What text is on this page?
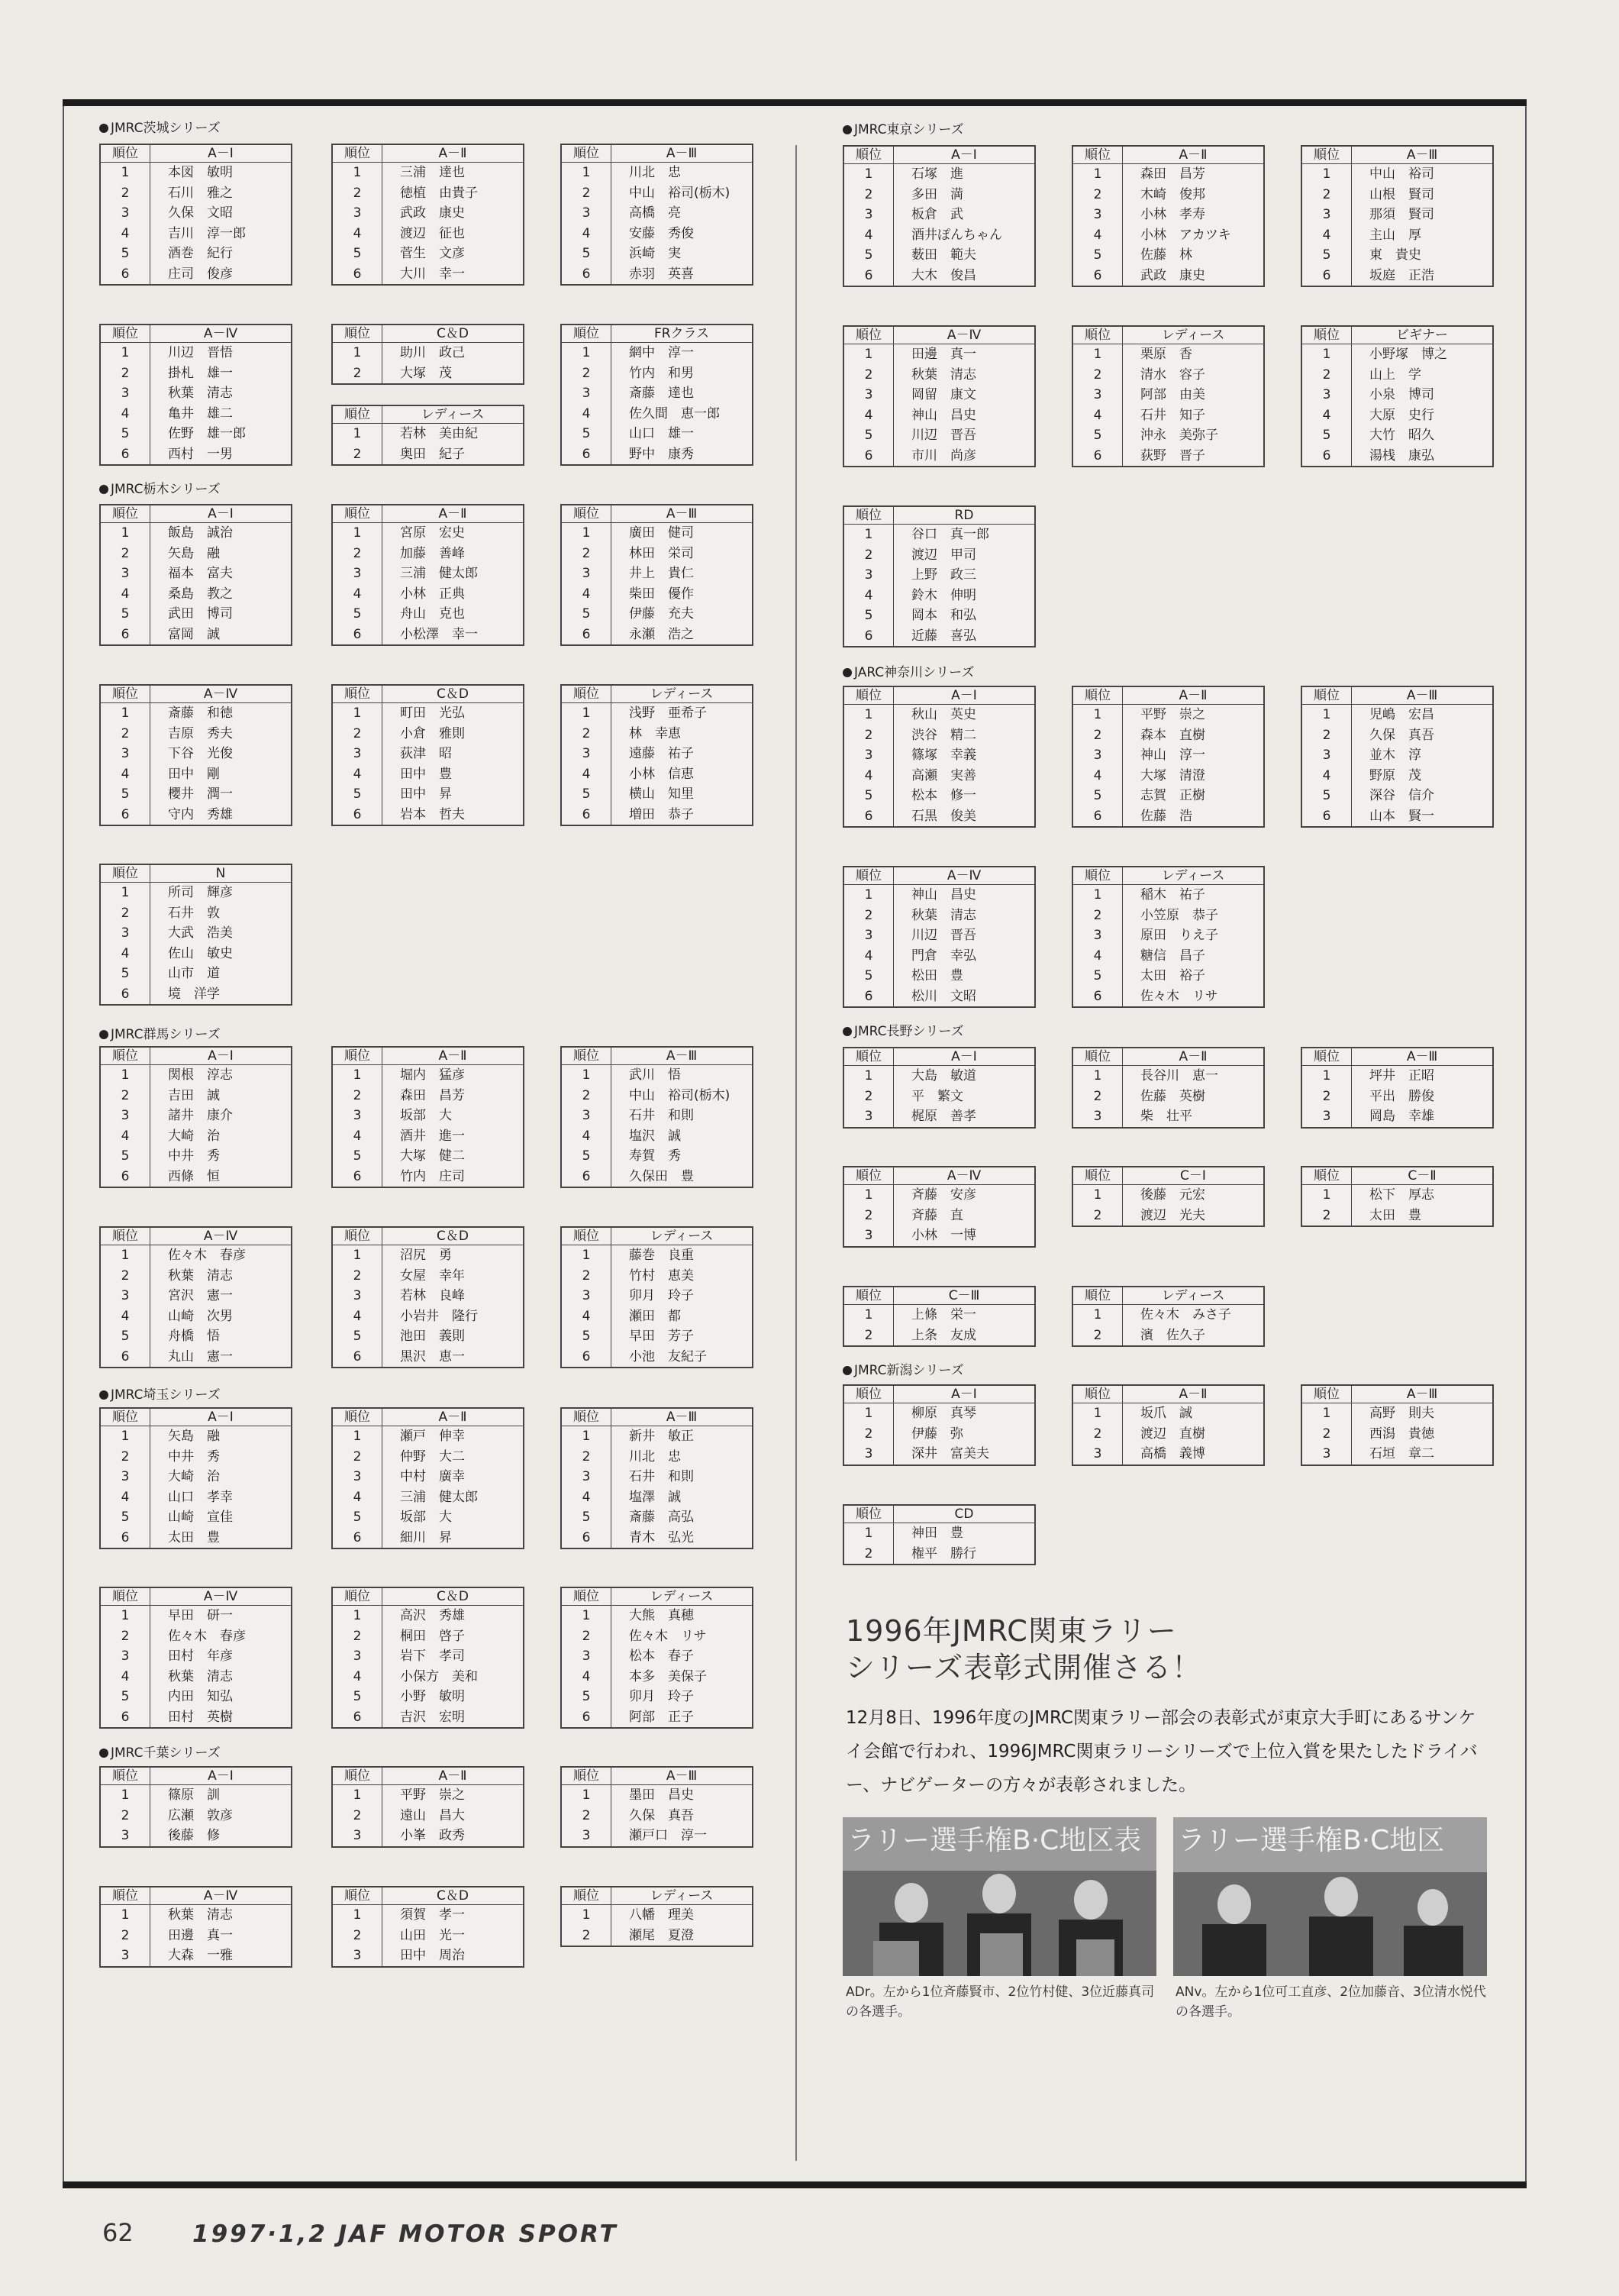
JMRC茨城シリーズ
順位	A－Ⅰ
1	本図　敏明
2	石川　雅之
3	久保　文昭
4	吉川　淳一郎
5	酒巻　紀行
6	庄司　俊彦
順位	A－Ⅱ
1	三浦　達也
2	徳植　由貴子
3	武政　康史
4	渡辺　征也
5	菅生　文彦
6	大川　幸一
順位	A－Ⅲ
1	川北　忠
2	中山　裕司(栃木)
3	高橋　亮
4	安藤　秀俊
5	浜崎　実
6	赤羽　英喜
順位	A－Ⅳ
1	川辺　晋悟
2	掛札　雄一
3	秋葉　清志
4	亀井　雄二
5	佐野　雄一郎
6	西村　一男
順位	C＆D
1	助川　政己
2	大塚　茂
順位	レディース
1	若林　美由紀
2	奥田　紀子
順位	FRクラス
1	網中　淳一
2	竹内　和男
3	斎藤　達也
4	佐久間　恵一郎
5	山口　雄一
6	野中　康秀
JMRC栃木シリーズ
順位	A－Ⅰ
1	飯島　誠治
2	矢島　融
3	福本　富夫
4	桑島　教之
5	武田　博司
6	富岡　誠
順位	A－Ⅱ
1	宮原　宏史
2	加藤　善峰
3	三浦　健太郎
4	小林　正典
5	舟山　克也
6	小松澤　幸一
順位	A－Ⅲ
1	廣田　健司
2	林田　栄司
3	井上　貴仁
4	柴田　優作
5	伊藤　充夫
6	永瀬　浩之
順位	A－Ⅳ
1	斎藤　和徳
2	吉原　秀夫
3	下谷　光俊
4	田中　剛
5	櫻井　潤一
6	守内　秀雄
順位	C＆D
1	町田　光弘
2	小倉　雅則
3	荻津　昭
4	田中　豊
5	田中　昇
6	岩本　哲夫
順位	レディース
1	浅野　亜希子
2	林　幸恵
3	遠藤　祐子
4	小林　信恵
5	横山　知里
6	増田　恭子
順位	N
1	所司　輝彦
2	石井　敦
3	大武　浩美
4	佐山　敏史
5	山市　道
6	境　洋学
JMRC群馬シリーズ
順位	A－Ⅰ
1	関根　淳志
2	吉田　誠
3	諸井　康介
4	大崎　治
5	中井　秀
6	西條　恒
順位	A－Ⅱ
1	堀内　猛彦
2	森田　昌芳
3	坂部　大
4	酒井　進一
5	大塚　健二
6	竹内　庄司
順位	A－Ⅲ
1	武川　悟
2	中山　裕司(栃木)
3	石井　和則
4	塩沢　誠
5	寿賀　秀
6	久保田　豊
順位	A－Ⅳ
1	佐々木　春彦
2	秋葉　清志
3	宮沢　憲一
4	山崎　次男
5	舟橋　悟
6	丸山　憲一
順位	C＆D
1	沼尻　勇
2	女屋　幸年
3	若林　良峰
4	小岩井　隆行
5	池田　義則
6	黒沢　恵一
順位	レディース
1	藤巻　良重
2	竹村　恵美
3	卯月　玲子
4	瀬田　都
5	早田　芳子
6	小池　友紀子
JMRC埼玉シリーズ
順位	A－Ⅰ
1	矢島　融
2	中井　秀
3	大崎　治
4	山口　孝幸
5	山崎　宣佳
6	太田　豊
順位	A－Ⅱ
1	瀬戸　伸幸
2	仲野　大二
3	中村　廣幸
4	三浦　健太郎
5	坂部　大
6	細川　昇
順位	A－Ⅲ
1	新井　敏正
2	川北　忠
3	石井　和則
4	塩澤　誠
5	斎藤　高弘
6	青木　弘光
順位	A－Ⅳ
1	早田　研一
2	佐々木　春彦
3	田村　年彦
4	秋葉　清志
5	内田　知弘
6	田村　英樹
順位	C＆D
1	高沢　秀雄
2	桐田　啓子
3	岩下　孝司
4	小保方　美和
5	小野　敏明
6	吉沢　宏明
順位	レディース
1	大熊　真穂
2	佐々木　リサ
3	松本　春子
4	本多　美保子
5	卯月　玲子
6	阿部　正子
JMRC千葉シリーズ
順位	A－Ⅰ
1	篠原　訓
2	広瀬　敦彦
3	後藤　修
順位	A－Ⅱ
1	平野　崇之
2	遠山　昌大
3	小峯　政秀
順位	A－Ⅲ
1	墨田　昌史
2	久保　真吾
3	瀬戸口　淳一
順位	A－Ⅳ
1	秋葉　清志
2	田邊　真一
3	大森　一雅
順位	C＆D
1	須賀　孝一
2	山田　光一
3	田中　周治
順位	レディース
1	八幡　理美
2	瀬尾　夏澄
JMRC東京シリーズ
順位	A－Ⅰ
1	石塚　進
2	多田　満
3	板倉　武
4	酒井ぽんちゃん
5	薮田　範夫
6	大木　俊昌
順位	A－Ⅱ
1	森田　昌芳
2	木崎　俊邦
3	小林　孝寿
4	小林　アカツキ
5	佐藤　林
6	武政　康史
順位	A－Ⅲ
1	中山　裕司
2	山根　賢司
3	那須　賢司
4	主山　厚
5	東　貴史
6	坂庭　正浩
順位	A－Ⅳ
1	田邊　真一
2	秋葉　清志
3	岡留　康文
4	神山　昌史
5	川辺　晋吾
6	市川　尚彦
順位	レディース
1	栗原　香
2	清水　容子
3	阿部　由美
4	石井　知子
5	沖永　美弥子
6	荻野　晋子
順位	ビギナー
1	小野塚　博之
2	山上　学
3	小泉　博司
4	大原　史行
5	大竹　昭久
6	湯桟　康弘
順位	RD
1	谷口　真一郎
2	渡辺　甲司
3	上野　政三
4	鈴木　伸明
5	岡本　和弘
6	近藤　喜弘
JARC神奈川シリーズ
順位	A－Ⅰ
1	秋山　英史
2	渋谷　精二
3	篠塚　幸義
4	高瀬　実善
5	松本　修一
6	石黒　俊美
順位	A－Ⅱ
1	平野　崇之
2	森本　直樹
3	神山　淳一
4	大塚　清澄
5	志賀　正樹
6	佐藤　浩
順位	A－Ⅲ
1	児嶋　宏昌
2	久保　真吾
3	並木　淳
4	野原　茂
5	深谷　信介
6	山本　賢一
順位	A－Ⅳ
1	神山　昌史
2	秋葉　清志
3	川辺　晋吾
4	門倉　幸弘
5	松田　豊
6	松川　文昭
順位	レディース
1	稲木　祐子
2	小笠原　恭子
3	原田　りえ子
4	糖信　昌子
5	太田　裕子
6	佐々木　リサ
JMRC長野シリーズ
順位	A－Ⅰ
1	大島　敏道
2	平　繁文
3	梶原　善孝
順位	A－Ⅱ
1	長谷川　恵一
2	佐藤　英樹
3	柴　壮平
順位	A－Ⅲ
1	坪井　正昭
2	平出　勝俊
3	岡島　幸雄
順位	A－Ⅳ
1	斉藤　安彦
2	斉藤　直
3	小林　一博
順位	C－Ⅰ
1	後藤　元宏
2	渡辺　光夫
順位	C－Ⅱ
1	松下　厚志
2	太田　豊
順位	C－Ⅲ
1	上條　栄一
2	上条　友成
順位	レディース
1	佐々木　みさ子
2	濱　佐久子
JMRC新潟シリーズ
順位	A－Ⅰ
1	柳原　真琴
2	伊藤　弥
3	深井　富美夫
順位	A－Ⅱ
1	坂爪　誠
2	渡辺　直樹
3	高橋　義博
順位	A－Ⅲ
1	高野　則夫
2	西潟　貴徳
3	石垣　章二
順位	CD
1	神田　豊
2	権平　勝行
1996年JMRC関東ラリー
シリーズ表彰式開催さる！
12月8日、1996年度のJMRC関東ラリー部会の表彰式が東京大手町にあるサンケイ会館で行われ、1996JMRC関東ラリーシリーズで上位入賞を果たしたドライバー、ナビゲーターの方々が表彰されました。
ラリー選手権B·C地区表 ラリー選手権B·C地区
ADr。左から1位斉藤賢市、2位竹村健、3位近藤真司の各選手。
ANv。左から1位可工直彦、2位加藤音、3位清水悦代の各選手。
62 1997·1,2 JAF MOTOR SPORT
